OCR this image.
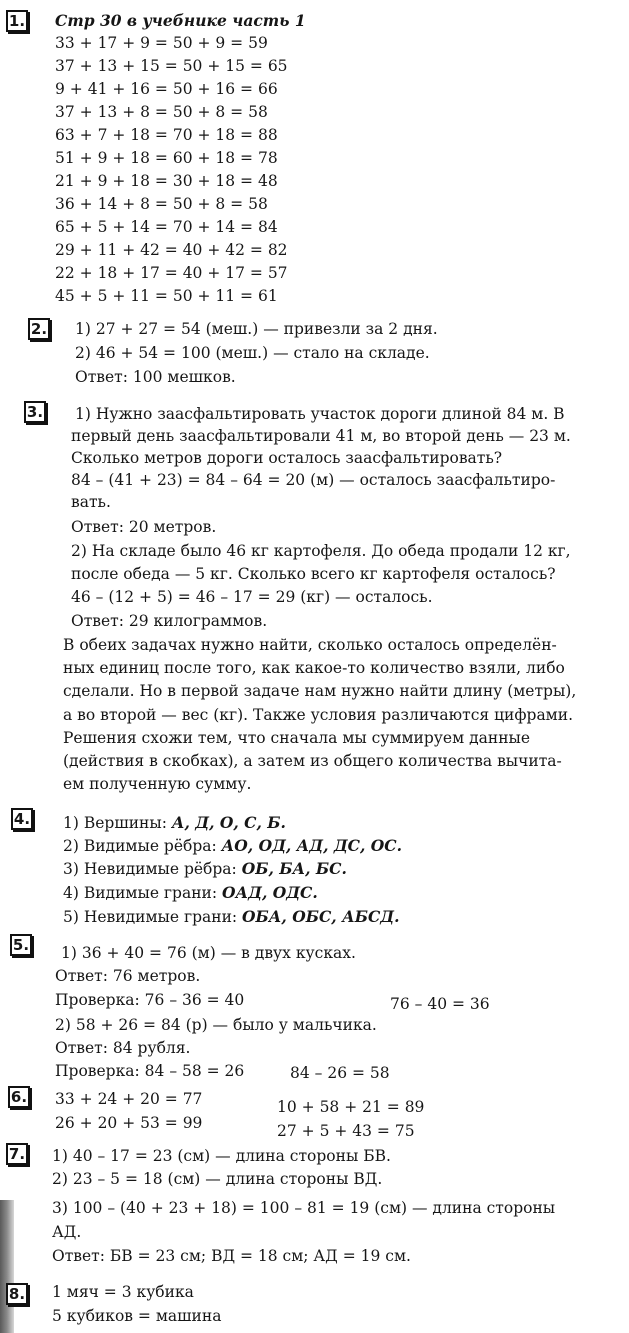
1. Стр 30 в учебнике часть 1
33 + 17 + 9 = 50 + 9 = 59
37 + 13 + 15 = 50 + 15 = 65
9 + 41 + 16 = 50 + 16 = 66
37 + 13 + 8 = 50 + 8 = 58
63 + 7 + 18 = 70 + 18 = 88
51 + 9 + 18 = 60 + 18 = 78
21 + 9 + 18 = 30 + 18 = 48
36 + 14 + 8 = 50 + 8 = 58
65 + 5 + 14 = 70 + 14 = 84
29 + 11 + 42 = 40 + 42 = 82
22 + 18 + 17 = 40 + 17 = 57
45 + 5 + 11 = 50 + 11 = 61
2. 1) 27 + 27 = 54 (меш.) — привезли за 2 дня.
2) 46 + 54 = 100 (меш.) — стало на складе.
Ответ: 100 мешков.
3. 1) Нужно заасфальтировать участок дороги длиной 84 м. В
первый день заасфальтировали 41 м, во второй день — 23 м.
Сколько метров дороги осталось заасфальтировать?
84 – (41 + 23) = 84 – 64 = 20 (м) — осталось заасфальтиро-
вать.
Ответ: 20 метров.
2) На складе было 46 кг картофеля. До обеда продали 12 кг,
после обеда — 5 кг. Сколько всего кг картофеля осталось?
46 – (12 + 5) = 46 – 17 = 29 (кг) — осталось.
Ответ: 29 килограммов.
В обеих задачах нужно найти, сколько осталось определён-
ных единиц после того, как какое-то количество взяли, либо
сделали. Но в первой задаче нам нужно найти длину (метры),
а во второй — вес (кг). Также условия различаются цифрами.
Решения схожи тем, что сначала мы суммируем данные
(действия в скобках), а затем из общего количества вычита-
ем полученную сумму.
4. 1) Вершины: А, Д, О, С, Б.
2) Видимые рёбра: АО, ОД, АД, ДС, ОС.
3) Невидимые рёбра: ОБ, БА, БС.
4) Видимые грани: ОАД, ОДС.
5) Невидимые грани: ОБА, ОБС, АБСД.
5. 1) 36 + 40 = 76 (м) — в двух кусках.
Ответ: 76 метров.
Проверка: 76 – 36 = 40	76 – 40 = 36
2) 58 + 26 = 84 (р) — было у мальчика.
Ответ: 84 рубля.
Проверка: 84 – 58 = 26	84 – 26 = 58
6. 33 + 24 + 20 = 77	10 + 58 + 21 = 89
26 + 20 + 53 = 99	27 + 5 + 43 = 75
7. 1) 40 – 17 = 23 (см) — длина стороны БВ.
2) 23 – 5 = 18 (см) — длина стороны ВД.
3) 100 – (40 + 23 + 18) = 100 – 81 = 19 (см) — длина стороны
АД.
Ответ: БВ = 23 см; ВД = 18 см; АД = 19 см.
8. 1 мяч = 3 кубика
5 кубиков = машина
